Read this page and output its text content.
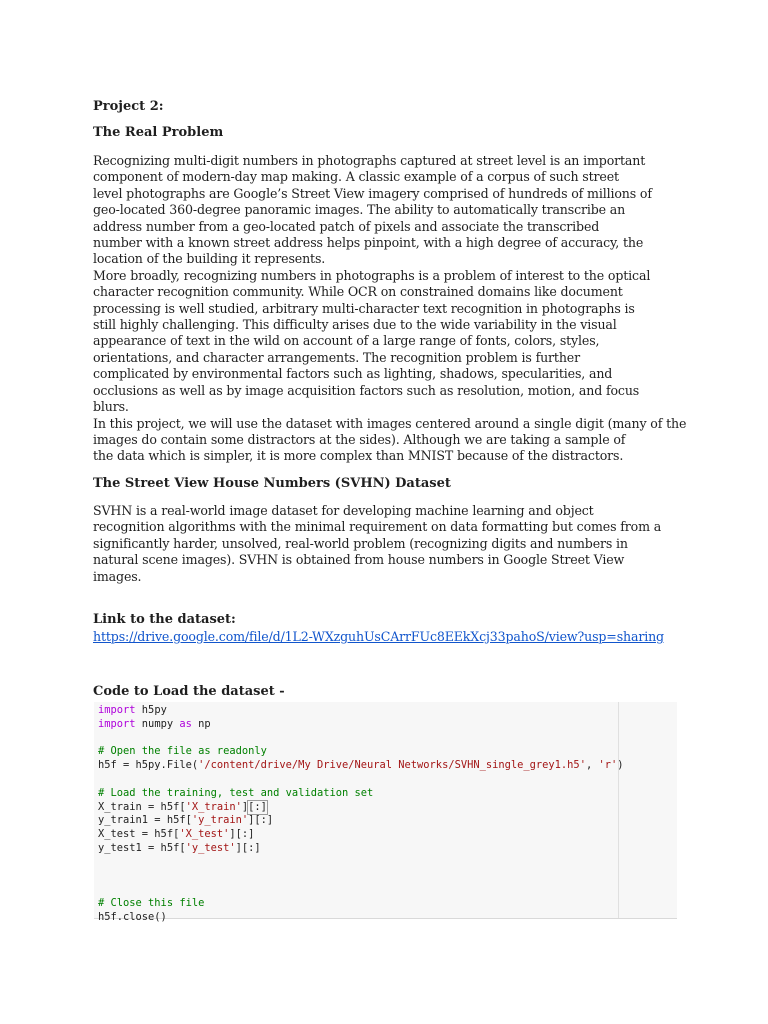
Project 2:
The Real Problem
Recognizing multi-digit numbers in photographs captured at street level is an important
component of modern-day map making. A classic example of a corpus of such street
level photographs are Google’s Street View imagery comprised of hundreds of millions of
geo-located 360-degree panoramic images. The ability to automatically transcribe an
address number from a geo-located patch of pixels and associate the transcribed
number with a known street address helps pinpoint, with a high degree of accuracy, the
location of the building it represents.
More broadly, recognizing numbers in photographs is a problem of interest to the optical
character recognition community. While OCR on constrained domains like document
processing is well studied, arbitrary multi-character text recognition in photographs is
still highly challenging. This difficulty arises due to the wide variability in the visual
appearance of text in the wild on account of a large range of fonts, colors, styles,
orientations, and character arrangements. The recognition problem is further
complicated by environmental factors such as lighting, shadows, specularities, and
occlusions as well as by image acquisition factors such as resolution, motion, and focus
blurs.
In this project, we will use the dataset with images centered around a single digit (many of the
images do contain some distractors at the sides). Although we are taking a sample of
the data which is simpler, it is more complex than MNIST because of the distractors.
The Street View House Numbers (SVHN) Dataset
SVHN is a real-world image dataset for developing machine learning and object
recognition algorithms with the minimal requirement on data formatting but comes from a
significantly harder, unsolved, real-world problem (recognizing digits and numbers in
natural scene images). SVHN is obtained from house numbers in Google Street View
images.
Link to the dataset:
https://drive.google.com/file/d/1L2-WXzguhUsCArrFUc8EEkXcj33pahoS/view?usp=sharing
Code to Load the dataset -
import h5py
import numpy as np
# Open the file as readonly
h5f = h5py.File('/content/drive/My Drive/Neural Networks/SVHN_single_grey1.h5', 'r')
# Load the training, test and validation set
X_train = h5f['X_train'][:]
y_train1 = h5f['y_train'][:]
X_test = h5f['X_test'][:]
y_test1 = h5f['y_test'][:]
# Close this file
h5f.close()
